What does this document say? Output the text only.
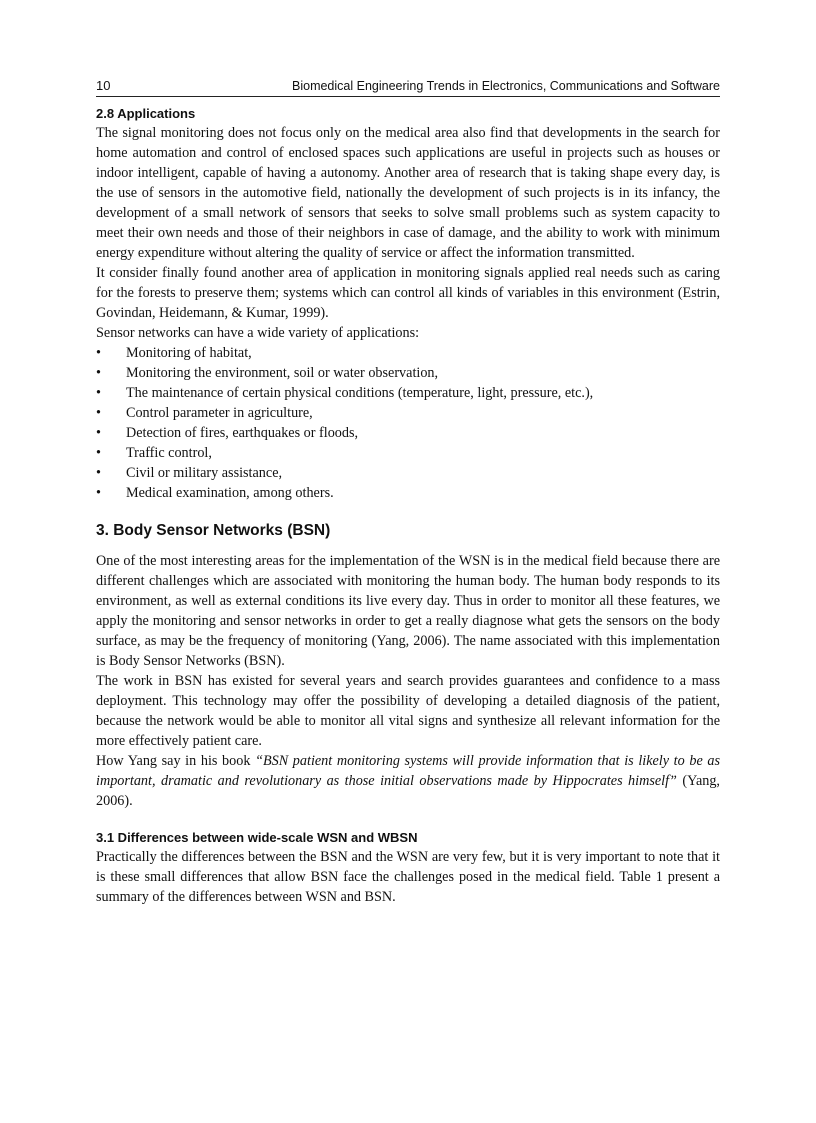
10	Biomedical Engineering Trends in Electronics, Communications and Software
2.8 Applications

The signal monitoring does not focus only on the medical area also find that developments in the search for home automation and control of enclosed spaces such applications are useful in projects such as houses or indoor intelligent, capable of having a autonomy. Another area of research that is taking shape every day, is the use of sensors in the automotive field, nationally the development of such projects is in its infancy, the development of a small network of sensors that seeks to solve small problems such as system capacity to meet their own needs and those of their neighbors in case of damage, and the ability to work with minimum energy expenditure without altering the quality of service or affect the information transmitted.

It consider finally found another area of application in monitoring signals applied real needs such as caring for the forests to preserve them; systems which can control all kinds of variables in this environment (Estrin, Govindan, Heidemann, & Kumar, 1999).

Sensor networks can have a wide variety of applications:

• Monitoring of habitat,
• Monitoring the environment, soil or water observation,
• The maintenance of certain physical conditions (temperature, light, pressure, etc.),
• Control parameter in agriculture,
• Detection of fires, earthquakes or floods,
• Traffic control,
• Civil or military assistance,
• Medical examination, among others.
3. Body Sensor Networks (BSN)

One of the most interesting areas for the implementation of the WSN is in the medical field because there are different challenges which are associated with monitoring the human body. The human body responds to its environment, as well as external conditions its live every day. Thus in order to monitor all these features, we apply the monitoring and sensor networks in order to get a really diagnose what gets the sensors on the body surface, as may be the frequency of monitoring (Yang, 2006). The name associated with this implementation is Body Sensor Networks (BSN).

The work in BSN has existed for several years and search provides guarantees and confidence to a mass deployment. This technology may offer the possibility of developing a detailed diagnosis of the patient, because the network would be able to monitor all vital signs and synthesize all relevant information for the more effectively patient care.

How Yang say in his book “BSN patient monitoring systems will provide information that is likely to be as important, dramatic and revolutionary as those initial observations made by Hippocrates himself” (Yang, 2006).

3.1 Differences between wide-scale WSN and WBSN

Practically the differences between the BSN and the WSN are very few, but it is very important to note that it is these small differences that allow BSN face the challenges posed in the medical field. Table 1 present a summary of the differences between WSN and BSN.
